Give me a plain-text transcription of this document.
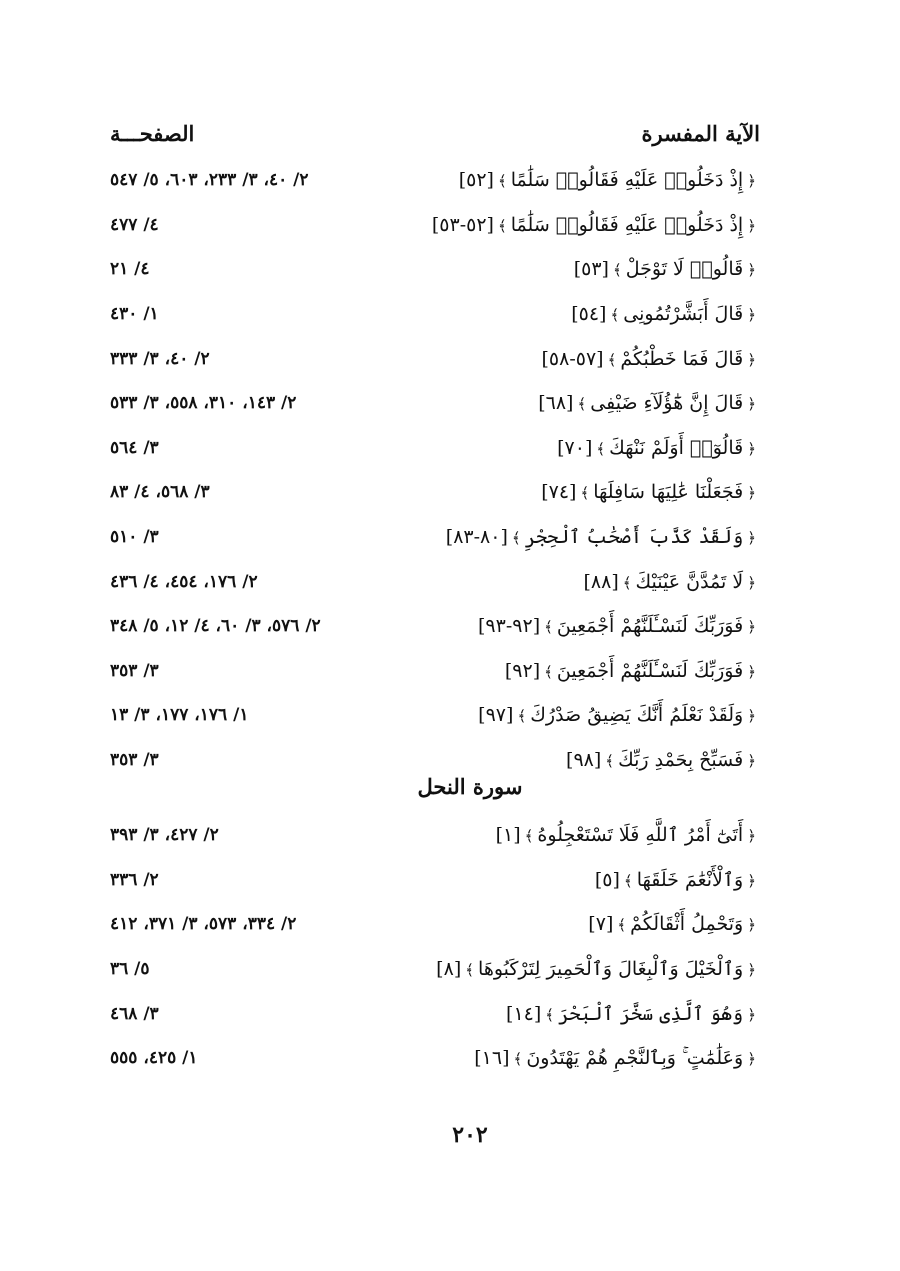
الآية المفسرة
الصفحـــة
﴿إِذْ دَخَلُوا۟ عَلَيْهِ فَقَالُوا۟ سَلَٰمًا﴾[٥٢]
٢/ ٤٠، ٣/ ٢٣٣، ٦٠٣، ٥/ ٥٤٧
﴿إِذْ دَخَلُوا۟ عَلَيْهِ فَقَالُوا۟ سَلَٰمًا﴾[٥٢-٥٣]
٤/ ٤٧٧
﴿قَالُوا۟ لَا تَوْجَلْ﴾[٥٣]
٤/ ٢١
﴿قَالَ أَبَشَّرْتُمُونِى﴾[٥٤]
١/ ٤٣٠
﴿قَالَ فَمَا خَطْبُكُمْ﴾[٥٧-٥٨]
٢/ ٤٠، ٣/ ٣٣٣
﴿قَالَ إِنَّ هَٰٓؤُلَآءِ ضَيْفِى﴾[٦٨]
٢/ ١٤٣، ٣١٠، ٥٥٨، ٣/ ٥٣٣
﴿قَالُوٓا۟ أَوَلَمْ نَنْهَكَ﴾[٧٠]
٣/ ٥٦٤
﴿فَجَعَلْنَا عَٰلِيَهَا سَافِلَهَا﴾[٧٤]
٣/ ٥٦٨، ٤/ ٨٣
﴿وَلَقَدْ كَذَّبَ أَصْحَٰبُ ٱلْحِجْرِ﴾[٨٠-٨٣]
٣/ ٥١٠
﴿لَا تَمُدَّنَّ عَيْنَيْكَ﴾[٨٨]
٢/ ١٧٦، ٤٥٤، ٤/ ٤٣٦
﴿فَوَرَبِّكَ لَنَسْـَٔلَنَّهُمْ أَجْمَعِينَ﴾[٩٢-٩٣]
٢/ ٥٧٦، ٣/ ٦٠، ٤/ ١٢، ٥/ ٣٤٨
﴿فَوَرَبِّكَ لَنَسْـَٔلَنَّهُمْ أَجْمَعِينَ﴾[٩٢]
٣/ ٣٥٣
﴿وَلَقَدْ نَعْلَمُ أَنَّكَ يَضِيقُ صَدْرُكَ﴾[٩٧]
١/ ١٧٦، ١٧٧، ٣/ ١٣
﴿فَسَبِّحْ بِحَمْدِ رَبِّكَ﴾[٩٨]
٣/ ٣٥٣
سورة النحل
﴿أَتَىٰٓ أَمْرُ ٱللَّهِ فَلَا تَسْتَعْجِلُوهُ﴾[١]
٢/ ٤٢٧، ٣/ ٣٩٣
﴿وَٱلْأَنْعَٰمَ خَلَقَهَا﴾[٥]
٢/ ٣٣٦
﴿وَتَحْمِلُ أَثْقَالَكُمْ﴾[٧]
٢/ ٣٣٤، ٥٧٣، ٣/ ٣٧١، ٤١٢
﴿وَٱلْخَيْلَ وَٱلْبِغَالَ وَٱلْحَمِيرَ لِتَرْكَبُوهَا﴾[٨]
٥/ ٣٦
﴿وَهُوَ ٱلَّذِى سَخَّرَ ٱلْبَحْرَ﴾[١٤]
٣/ ٤٦٨
﴿وَعَلَٰمَٰتٍ ۚ وَبِٱلنَّجْمِ هُمْ يَهْتَدُونَ﴾[١٦]
١/ ٤٢٥، ٥٥٥
٢٠٢
